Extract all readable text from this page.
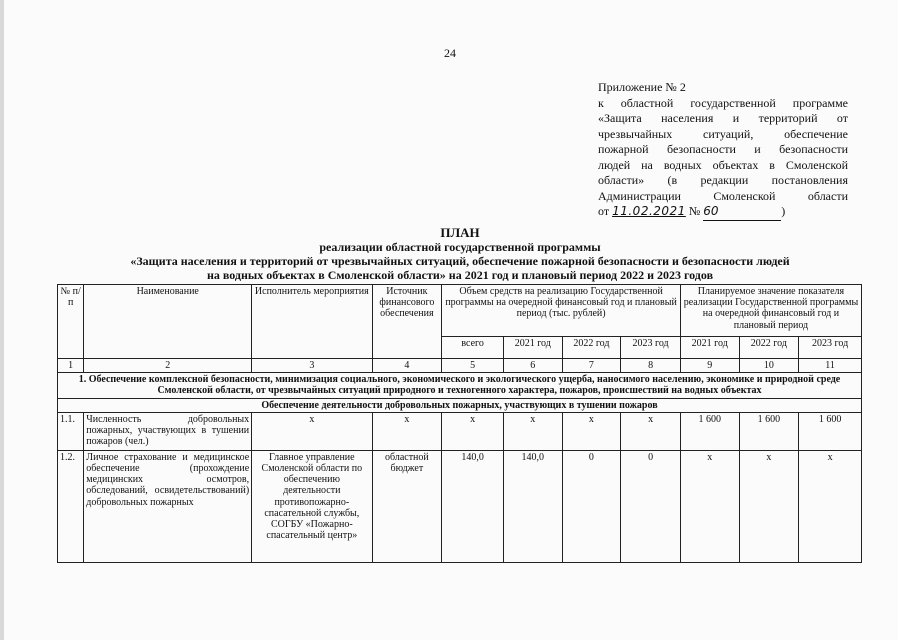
24
Приложение № 2
к областной государственной программе
«Защита населения и территорий от
чрезвычайных ситуаций, обеспечение
пожарной безопасности и безопасности
людей на водных объектах в Смоленской
области» (в редакции постановления
Администрации Смоленской области
от 11.02.2021 № 60	)
ПЛАН
реализации областной государственной программы
«Защита населения и территорий от чрезвычайных ситуаций, обеспечение пожарной безопасности и безопасности людей
на водных объектах в Смоленской области» на 2021 год и плановый период 2022 и 2023 годов
№ п/п	Наименование	Исполнитель мероприятия	Источник финансового обеспечения	Объем средств на реализацию Государственной программы на очередной финансовый год и плановый период (тыс. рублей)				Планируемое значение показателя реализации Государственной программы на очередной финансовый год и плановый период		
				всего	2021 год	2022 год	2023 год	2021 год	2022 год	2023 год
1	2	3	4	5	6	7	8	9	10	11
1. Обеспечение комплексной безопасности, минимизация социального, экономического и экологического ущерба, наносимого населению, экономике и природной среде Смоленской области, от чрезвычайных ситуаций природного и техногенного характера, пожаров, происшествий на водных объектах										
Обеспечение деятельности добровольных пожарных, участвующих в тушении пожаров										
1.1.	Численность добровольных пожарных, участвующих в тушении пожаров (чел.)	х	х	х	х	х	х	1 600	1 600	1 600
1.2.	Личное страхование и медицинское обеспечение (прохождение медицинских осмотров, обследований, освидетельствований) добровольных пожарных	Главное управление Смоленской области по обеспечению деятельности противопожарно-спасательной службы, СОГБУ «Пожарно-спасательный центр»	областной бюджет	140,0	140,0	0	0	х	х	х
